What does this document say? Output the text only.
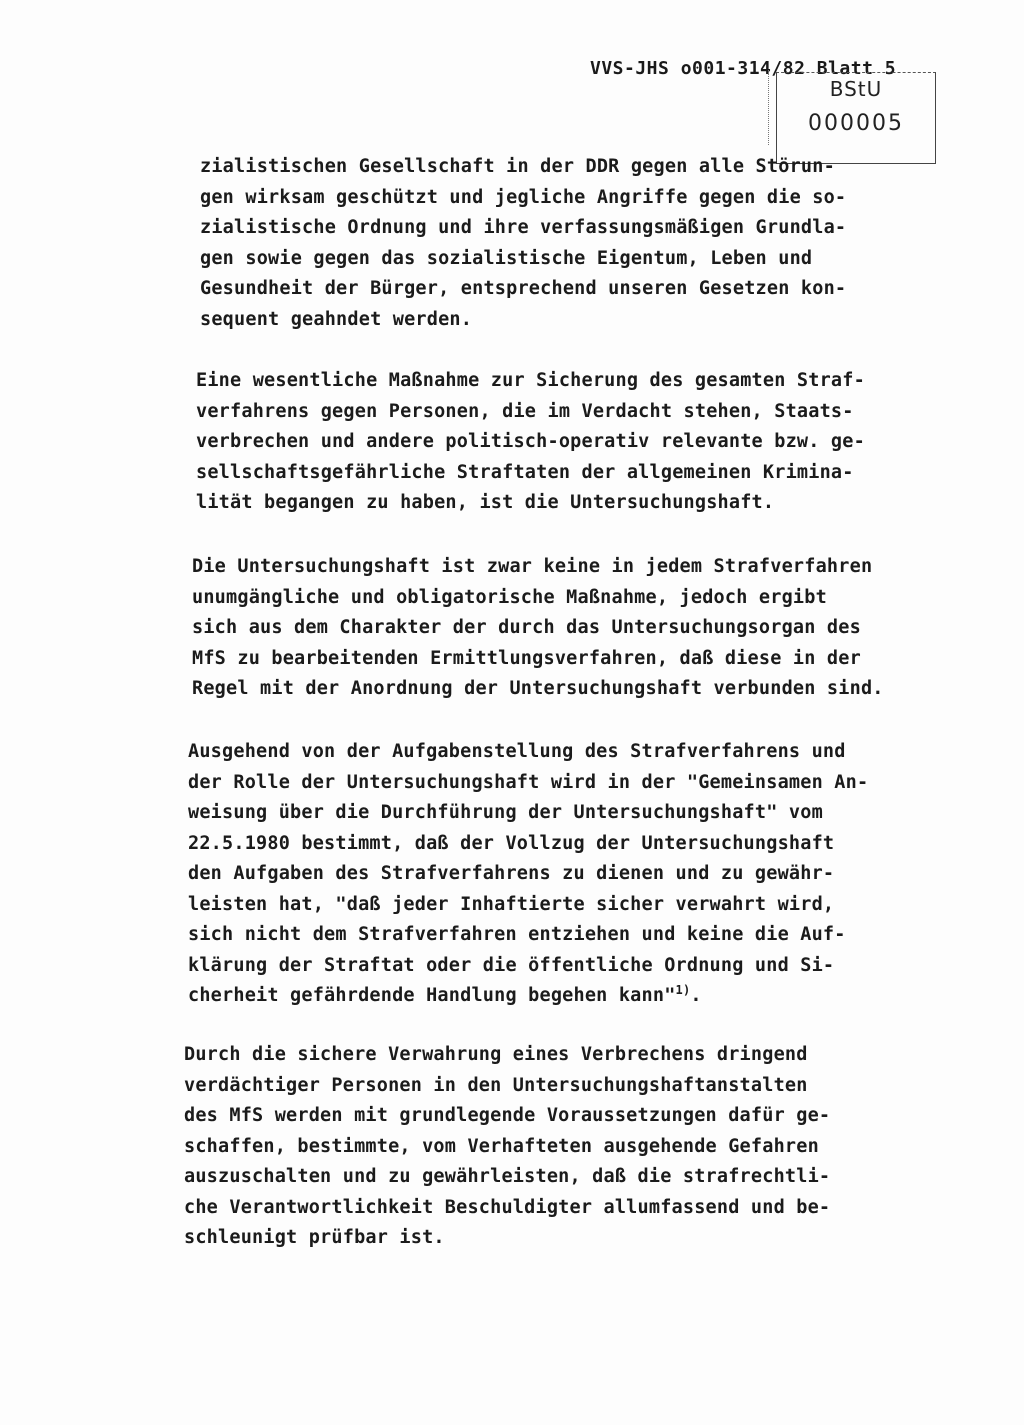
VVS-JHS o001-314/82 Blatt 5
BStU
000005
zialistischen Gesellschaft in der DDR gegen alle Störun-
gen wirksam geschützt und jegliche Angriffe gegen die so-
zialistische Ordnung und ihre verfassungsmäßigen Grundla-
gen sowie gegen das sozialistische Eigentum, Leben und
Gesundheit der Bürger, entsprechend unseren Gesetzen kon-
sequent geahndet werden.
Eine wesentliche Maßnahme zur Sicherung des gesamten Straf-
verfahrens gegen Personen, die im Verdacht stehen, Staats-
verbrechen und andere politisch-operativ relevante bzw. ge-
sellschaftsgefährliche Straftaten der allgemeinen Krimina-
lität begangen zu haben, ist die Untersuchungshaft.
Die Untersuchungshaft ist zwar keine in jedem Strafverfahren
unumgängliche und obligatorische Maßnahme, jedoch ergibt
sich aus dem Charakter der durch das Untersuchungsorgan des
MfS zu bearbeitenden Ermittlungsverfahren, daß diese in der
Regel mit der Anordnung der Untersuchungshaft verbunden sind.
Ausgehend von der Aufgabenstellung des Strafverfahrens und
der Rolle der Untersuchungshaft wird in der "Gemeinsamen An-
weisung über die Durchführung der Untersuchungshaft" vom
22.5.1980 bestimmt, daß der Vollzug der Untersuchungshaft
den Aufgaben des Strafverfahrens zu dienen und zu gewähr-
leisten hat, "daß jeder Inhaftierte sicher verwahrt wird,
sich nicht dem Strafverfahren entziehen und keine die Auf-
klärung der Straftat oder die öffentliche Ordnung und Si-
cherheit gefährdende Handlung begehen kann"$^{1)}$.
Durch die sichere Verwahrung eines Verbrechens dringend
verdächtiger Personen in den Untersuchungshaftanstalten
des MfS werden mit grundlegende Voraussetzungen dafür ge-
schaffen, bestimmte, vom Verhafteten ausgehende Gefahren
auszuschalten und zu gewährleisten, daß die strafrechtli-
che Verantwortlichkeit Beschuldigter allumfassend und be-
schleunigt prüfbar ist.
